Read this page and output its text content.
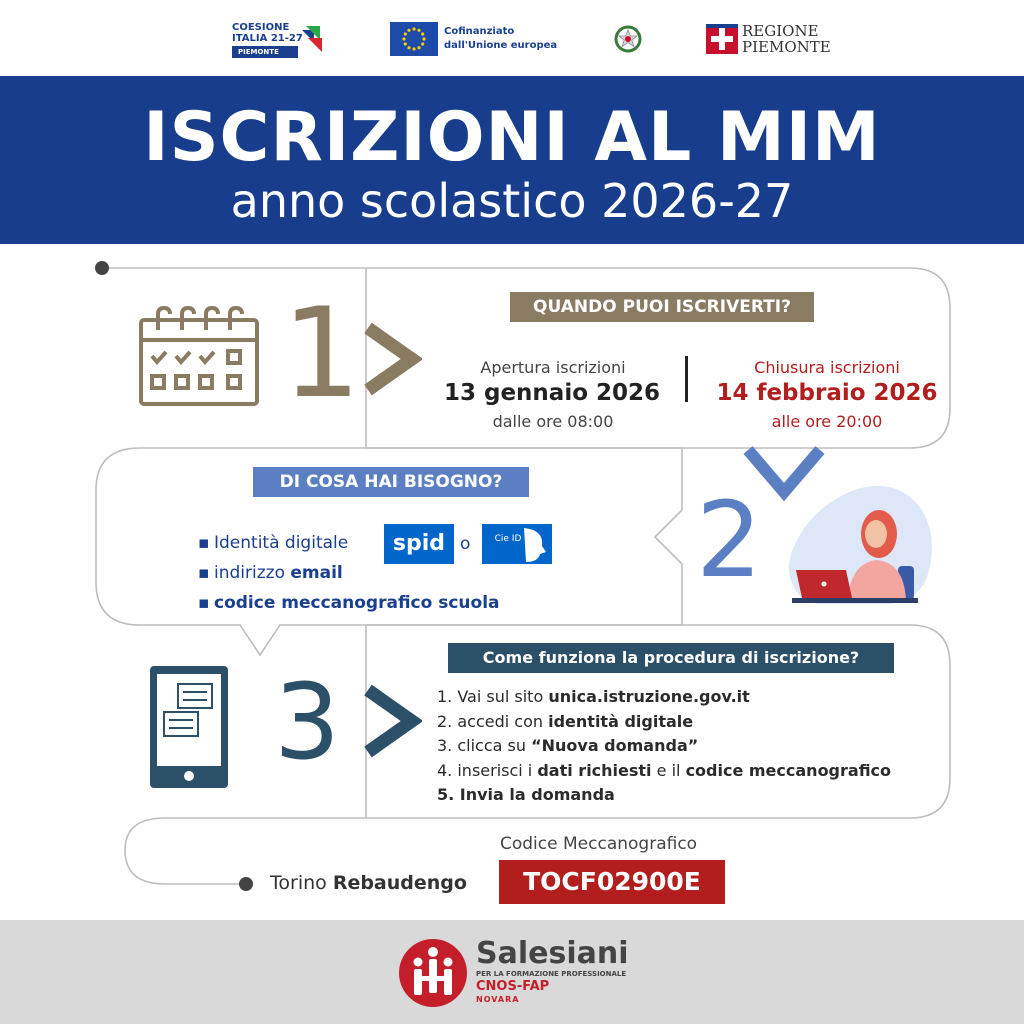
COESIONE
ITALIA 21-27
PIEMONTE
Cofinanziato
dall'Unione europea
REGIONE
PIEMONTE
ISCRIZIONI AL MIM
anno scolastico 2026-27
1	QUANDO PUOI ISCRIVERTI?
Apertura iscrizioni
13 gennaio 2026
dalle ore 08:00
Chiusura iscrizioni
14 febbraio 2026
alle ore 20:00
2
DI COSA HAI BISOGNO?
▪ Identità digitale
▪ indirizzo email
▪ codice meccanografico scuola
spid o	Cie ID
3
Come funziona la procedura di iscrizione?
1. Vai sul sito unica.istruzione.gov.it
2. accedi con identità digitale
3. clicca su “Nuova domanda”
4. inserisci i dati richiesti e il codice meccanografico
5. Invia la domanda
Codice Meccanografico
Torino Rebaudengo	TOCF02900E
Salesiani
PER LA FORMAZIONE PROFESSIONALE
CNOS-FAP
NOVARA
